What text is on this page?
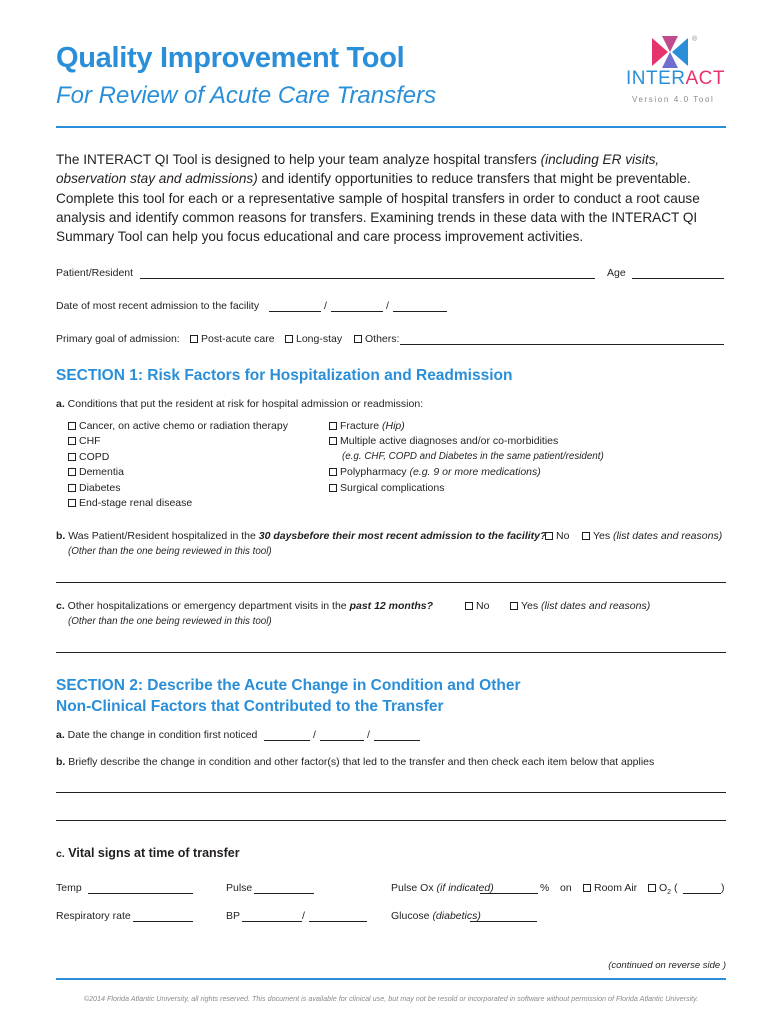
Quality Improvement Tool
For Review of Acute Care Transfers
®
INTERACT
Version 4.0 Tool
The INTERACT QI Tool is designed to help your team analyze hospital transfers (including ER visits, observation stay and admissions) and identify opportunities to reduce transfers that might be preventable. Complete this tool for each or a representative sample of hospital transfers in order to conduct a root cause analysis and identify common reasons for transfers. Examining trends in these data with the INTERACT QI Summary Tool can help you focus educational and care process improvement activities.
Patient/Resident	Age
Date of most recent admission to the facility	/	/
Primary goal of admission:	Post-acute care	Long-stay	Others:
SECTION 1: Risk Factors for Hospitalization and Readmission
a. Conditions that put the resident at risk for hospital admission or readmission:
Cancer, on active chemo or radiation therapy
CHF
COPD
Dementia
Diabetes
End-stage renal disease
Fracture (Hip)
Multiple active diagnoses and/or co-morbidities
(e.g. CHF, COPD and Diabetes in the same patient/resident)
Polypharmacy (e.g. 9 or more medications)
Surgical complications
b. Was Patient/Resident hospitalized in the 30 daysbefore their most recent admission to the facility? No	Yes (list dates and reasons)
(Other than the one being reviewed in this tool)
c. Other hospitalizations or emergency department visits in the past 12 months?	No	Yes (list dates and reasons)
(Other than the one being reviewed in this tool)
SECTION 2: Describe the Acute Change in Condition and Other
Non-Clinical Factors that Contributed to the Transfer
a. Date the change in condition first noticed	/	/
b. Briefly describe the change in condition and other factor(s) that led to the transfer and then check each item below that applies
c. Vital signs at time of transfer
Temp	Pulse	Pulse Ox (if indicated)	% on	Room Air	$O_2$ (	)
Respiratory rate	BP	/	Glucose (diabetics)
(continued on reverse side )
©2014 Florida Atlantic University, all rights reserved. This document is available for clinical use, but may not be resold or incorporated in software without permission of Florida Atlantic University.
